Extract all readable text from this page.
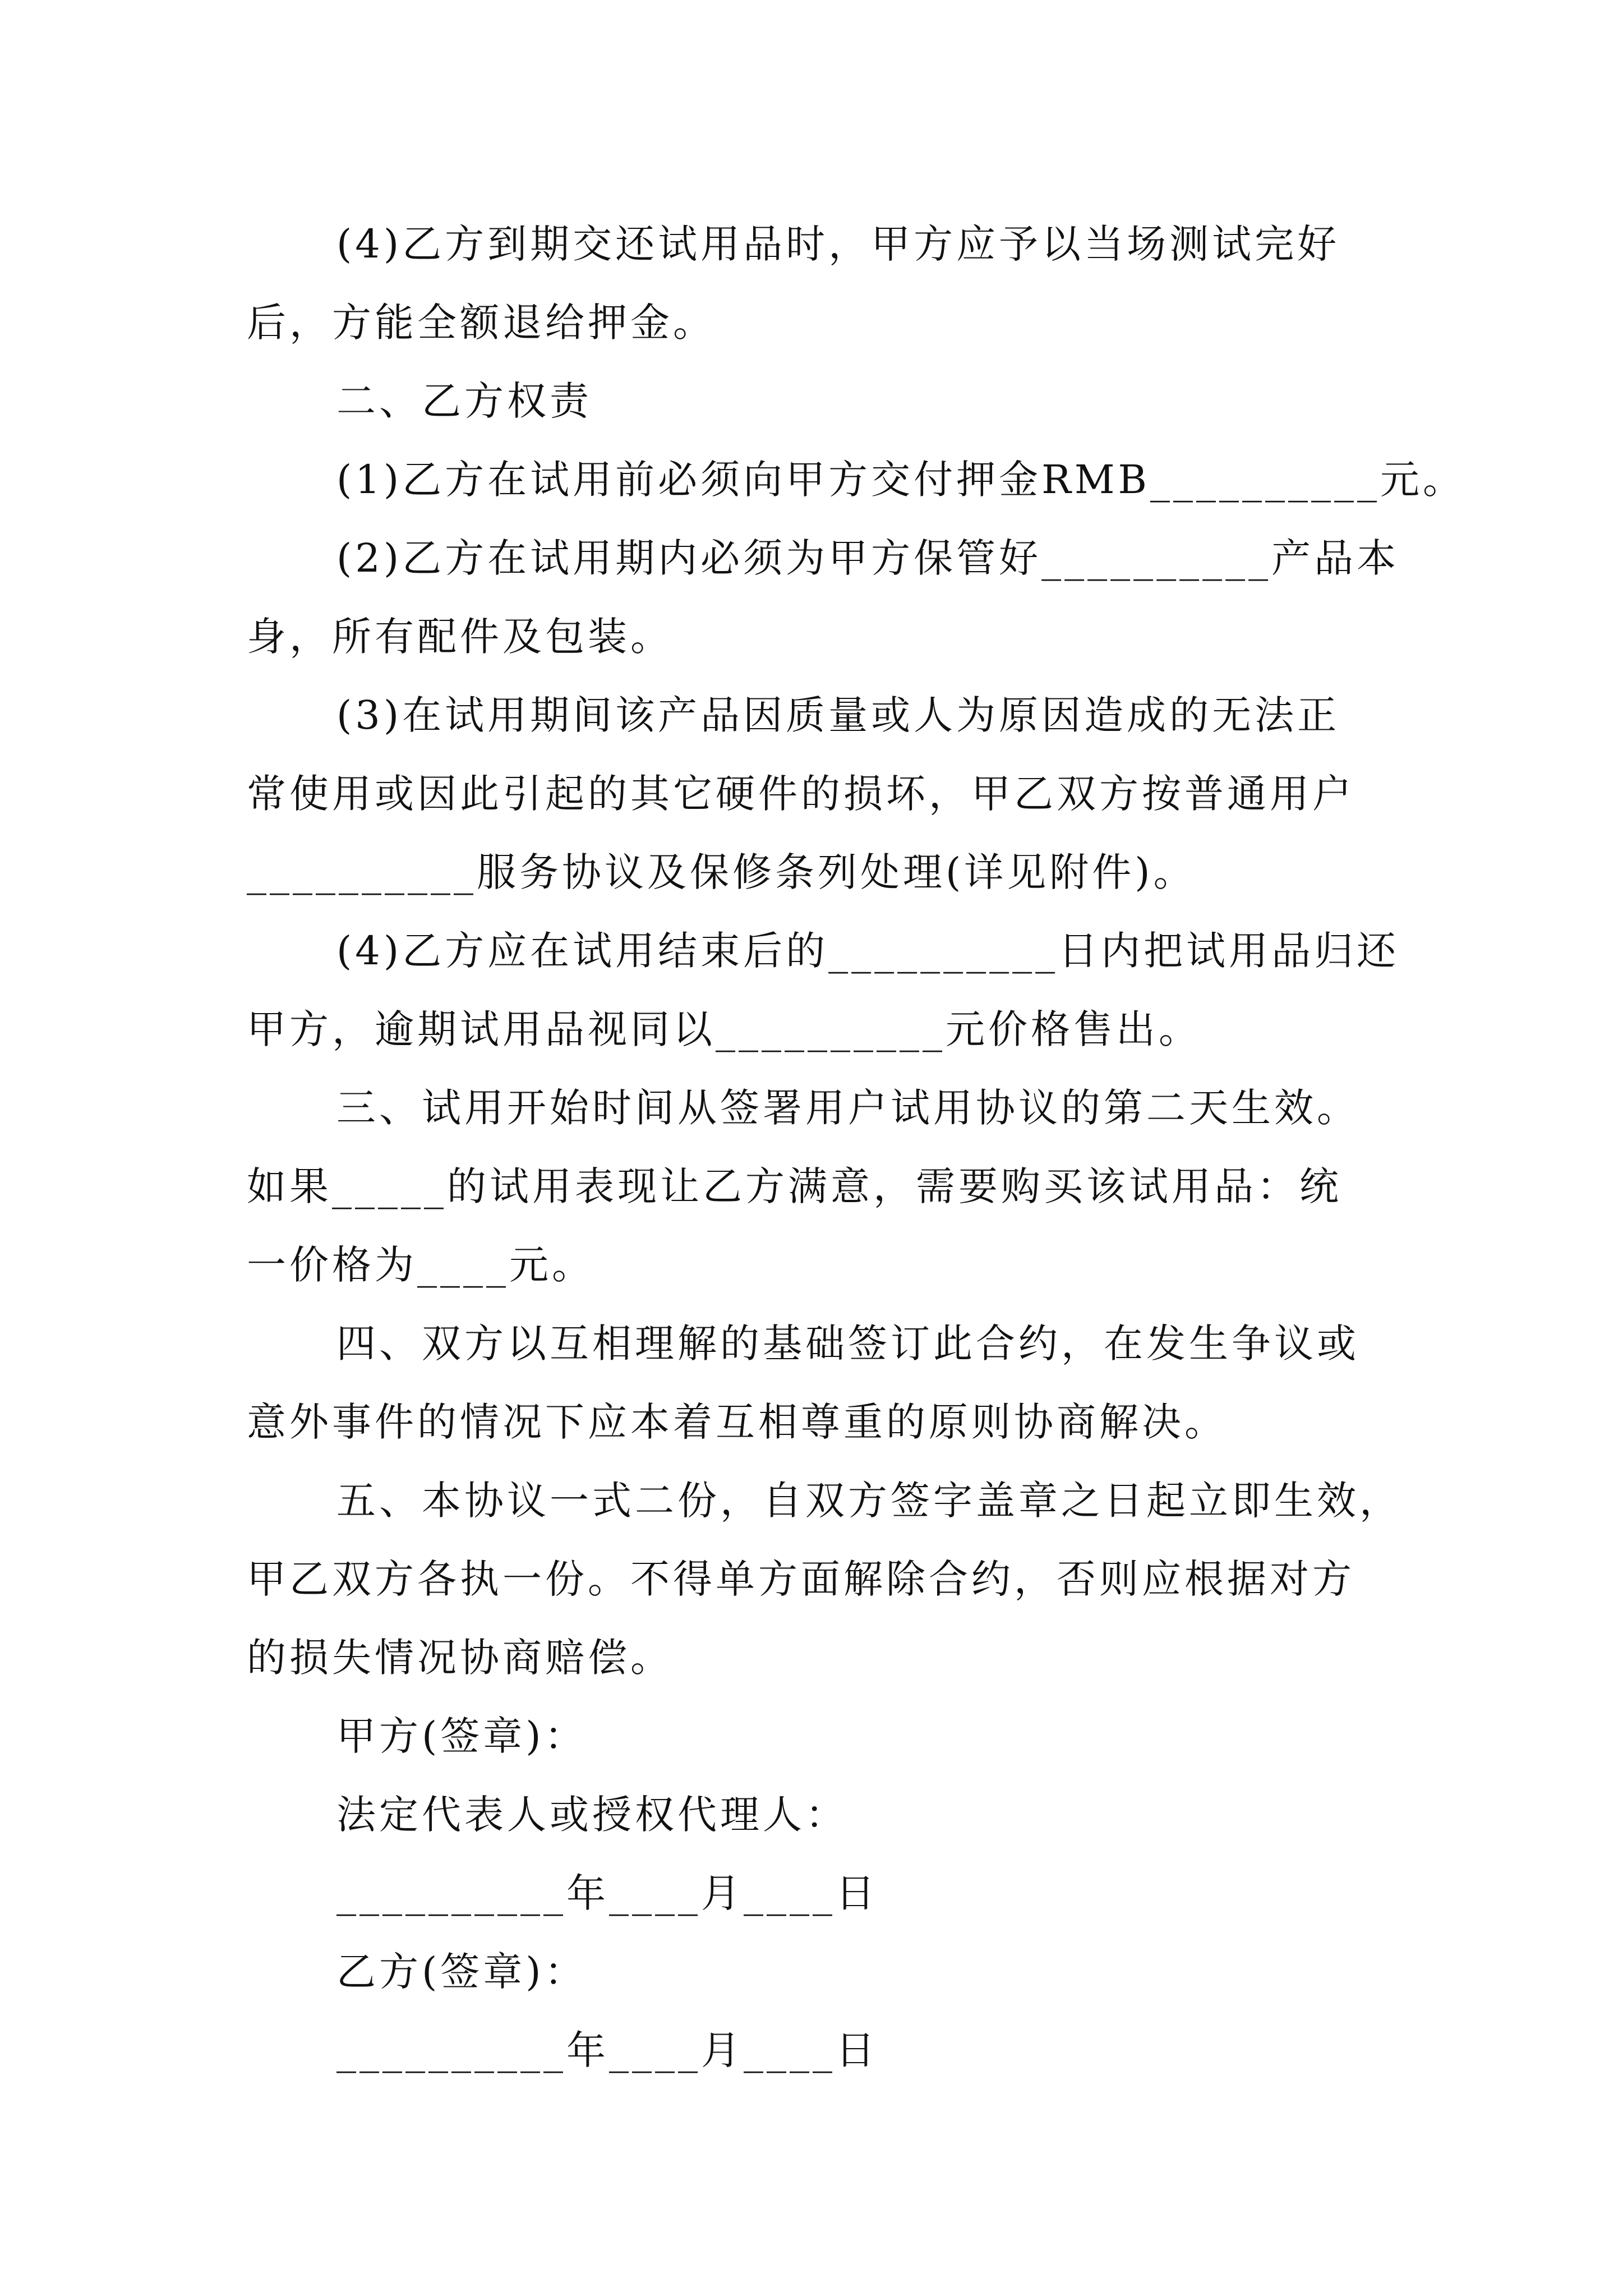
(4)乙方到期交还试用品时，甲方应予以当场测试完好
后，方能全额退给押金。
二、乙方权责
(1)乙方在试用前必须向甲方交付押金RMB__________元。
(2)乙方在试用期内必须为甲方保管好__________产品本
身，所有配件及包装。
(3)在试用期间该产品因质量或人为原因造成的无法正
常使用或因此引起的其它硬件的损坏，甲乙双方按普通用户
__________服务协议及保修条列处理(详见附件)。
(4)乙方应在试用结束后的__________日内把试用品归还
甲方，逾期试用品视同以__________元价格售出。
三、试用开始时间从签署用户试用协议的第二天生效。
如果_____的试用表现让乙方满意，需要购买该试用品：统
一价格为____元。
四、双方以互相理解的基础签订此合约，在发生争议或
意外事件的情况下应本着互相尊重的原则协商解决。
五、本协议一式二份，自双方签字盖章之日起立即生效，
甲乙双方各执一份。不得单方面解除合约，否则应根据对方
的损失情况协商赔偿。
甲方(签章)：
法定代表人或授权代理人：
__________年____月____日
乙方(签章)：
__________年____月____日
